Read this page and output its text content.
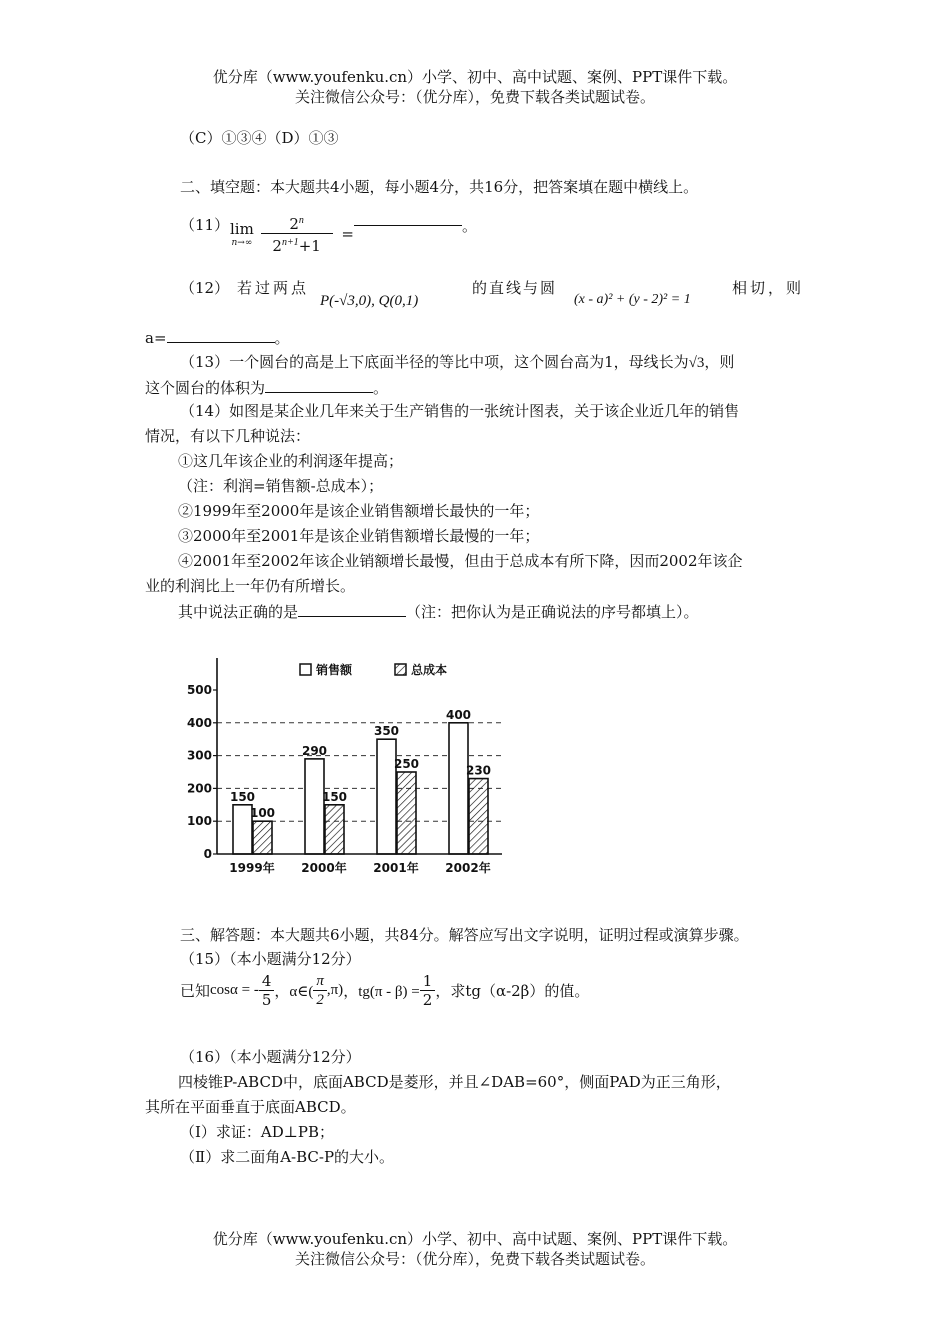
优分库（www.youfenku.cn）小学、初中、高中试题、案例、PPT课件下载。
关注微信公众号：（优分库），免费下载各类试题试卷。
（C）①③④（D）①③
二、填空题：本大题共4小题，每小题4分，共16分，把答案填在题中横线上。
（11） lim
n→∞
$\frac{2^n}{2^{n+1}+1}$ =	。
（12） 若过两点
P(-√3,0), Q(0,1)
的直线与圆
(x - a)² + (y - 2)² = 1
相切，则
a=	。
（13）一个圆台的高是上下底面半径的等比中项，这个圆台高为1，母线长为√3，则
这个圆台的体积为	。
（14）如图是某企业几年来关于生产销售的一张统计图表，关于该企业近几年的销售
情况，有以下几种说法：
①这几年该企业的利润逐年提高；
（注：利润=销售额-总成本）；
②1999年至2000年是该企业销售额增长最快的一年；
③2000年至2001年是该企业销售额增长最慢的一年；
④2001年至2002年该企业销额增长最慢，但由于总成本有所下降，因而2002年该企
业的利润比上一年仍有所增长。
其中说法正确的是	（注：把你认为是正确说法的序号都填上）。
0
100
200
300
400
500
150
100
1999年
290
150
2000年
350
250
2001年
400
230
2002年
销售额	总成本
三、解答题：本大题共6小题，共84分。解答应写出文字说明，证明过程或演算步骤。
（15）（本小题满分12分）
已知cosα = - $\frac{4}{5}$ ，α∈( $\frac{\pi}{2} ,\pi$)，$tg(\pi - \beta) = \frac{1}{2}$ ，求tg（α-2β）的值。
（16）（本小题满分12分）
四棱锥P-ABCD中，底面ABCD是菱形，并且∠DAB=60°，侧面PAD为正三角形，
其所在平面垂直于底面ABCD。
（Ⅰ）求证：AD⊥PB；
（Ⅱ）求二面角A-BC-P的大小。
优分库（www.youfenku.cn）小学、初中、高中试题、案例、PPT课件下载。
关注微信公众号：（优分库），免费下载各类试题试卷。
